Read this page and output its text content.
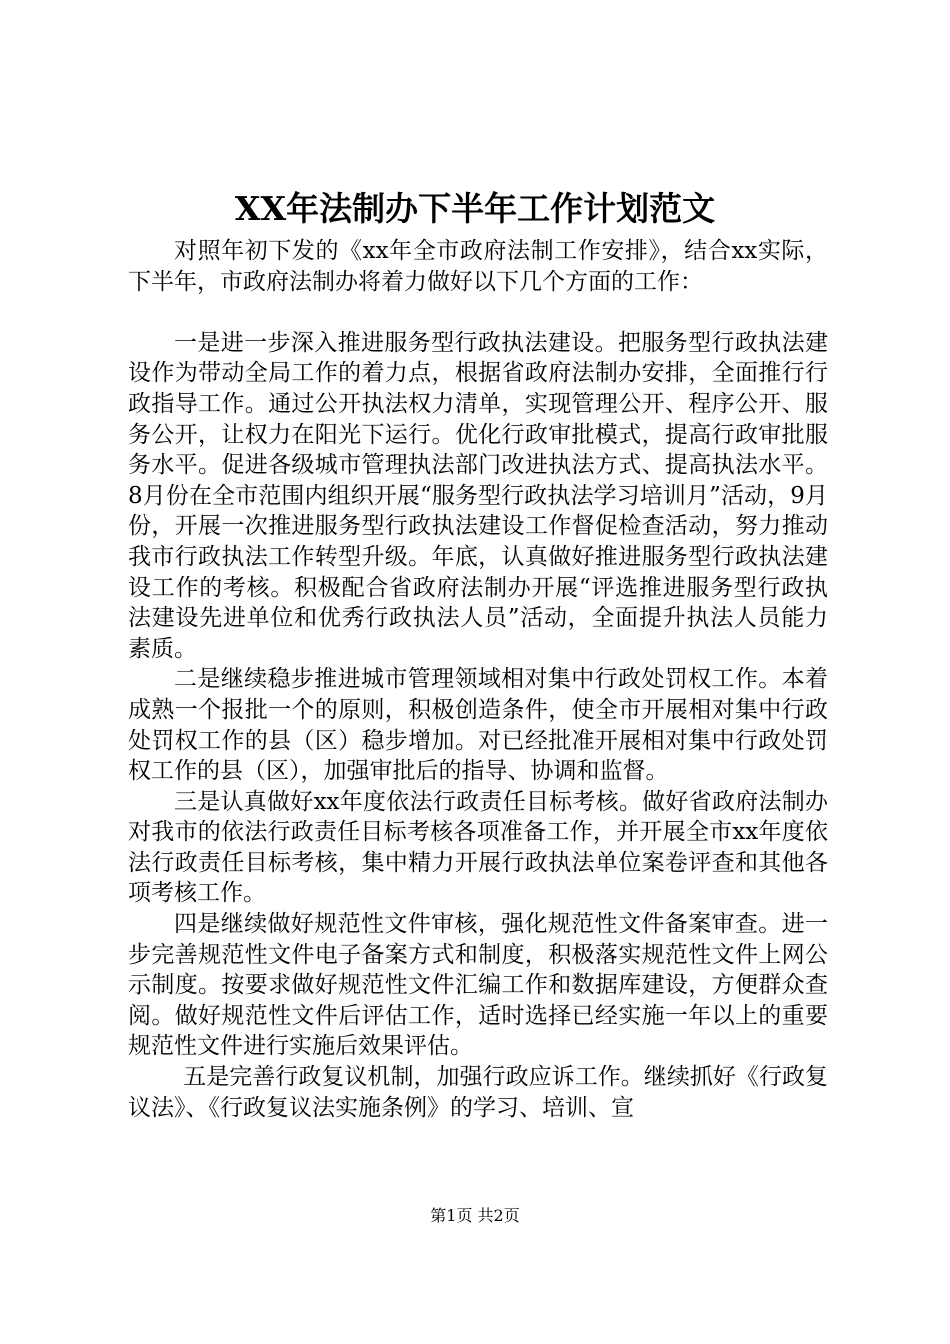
XX年法制办下半年工作计划范文

对照年初下发的《xx年全市政府法制工作安排》，结合xx实际，下半年，市政府法制办将着力做好以下几个方面的工作：

一是进一步深入推进服务型行政执法建设。把服务型行政执法建设作为带动全局工作的着力点，根据省政府法制办安排，全面推行行政指导工作。通过公开执法权力清单，实现管理公开、程序公开、服务公开，让权力在阳光下运行。优化行政审批模式，提高行政审批服务水平。促进各级城市管理执法部门改进执法方式、提高执法水平。8月份在全市范围内组织开展“服务型行政执法学习培训月”活动，9月份，开展一次推进服务型行政执法建设工作督促检查活动，努力推动我市行政执法工作转型升级。年底，认真做好推进服务型行政执法建设工作的考核。积极配合省政府法制办开展“评选推进服务型行政执法建设先进单位和优秀行政执法人员”活动，全面提升执法人员能力素质。

二是继续稳步推进城市管理领域相对集中行政处罚权工作。本着成熟一个报批一个的原则，积极创造条件，使全市开展相对集中行政处罚权工作的县（区）稳步增加。对已经批准开展相对集中行政处罚权工作的县（区），加强审批后的指导、协调和监督。

三是认真做好xx年度依法行政责任目标考核。做好省政府法制办对我市的依法行政责任目标考核各项准备工作，并开展全市xx年度依法行政责任目标考核，集中精力开展行政执法单位案卷评查和其他各项考核工作。

四是继续做好规范性文件审核，强化规范性文件备案审查。进一步完善规范性文件电子备案方式和制度，积极落实规范性文件上网公示制度。按要求做好规范性文件汇编工作和数据库建设，方便群众查阅。做好规范性文件后评估工作，适时选择已经实施一年以上的重要规范性文件进行实施后效果评估。

五是完善行政复议机制，加强行政应诉工作。继续抓好《行政复议法》、《行政复议法实施条例》的学习、培训、宣

第1页 共2页
